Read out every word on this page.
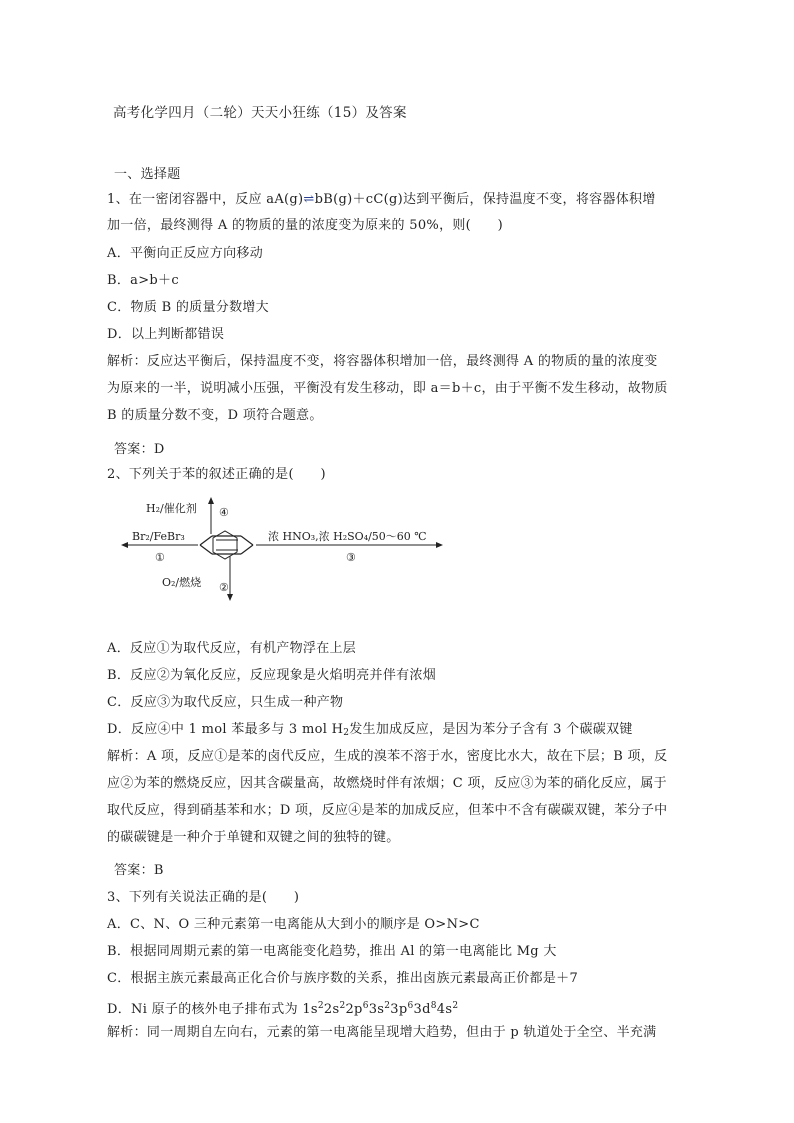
高考化学四月（二轮）天天小狂练（15）及答案
一、选择题
1、在一密闭容器中，反应 aA(g)⇌bB(g)＋cC(g)达到平衡后，保持温度不变，将容器体积增
加一倍，最终测得 A 的物质的量的浓度变为原来的 50%，则(　　)
A．平衡向正反应方向移动
B．a>b＋c
C．物质 B 的质量分数增大
D．以上判断都错误
解析：反应达平衡后，保持温度不变，将容器体积增加一倍，最终测得 A 的物质的量的浓度变
为原来的一半，说明减小压强，平衡没有发生移动，即 a＝b＋c，由于平衡不发生移动，故物质
B 的质量分数不变，D 项符合题意。
答案：D
2、下列关于苯的叙述正确的是(　　)
H₂/催化剂 ④
Br₂/FeBr₃
①
浓 HNO₃,浓 H₂SO₄/50～60 ℃
③
O₂/燃烧 ②
A．反应①为取代反应，有机产物浮在上层
B．反应②为氧化反应，反应现象是火焰明亮并伴有浓烟
C．反应③为取代反应，只生成一种产物
D．反应④中 1 mol 苯最多与 3 mol $H_2$发生加成反应，是因为苯分子含有 3 个碳碳双键
解析：A 项，反应①是苯的卤代反应，生成的溴苯不溶于水，密度比水大，故在下层；B 项，反
应②为苯的燃烧反应，因其含碳量高，故燃烧时伴有浓烟；C 项，反应③为苯的硝化反应，属于
取代反应，得到硝基苯和水；D 项，反应④是苯的加成反应，但苯中不含有碳碳双键，苯分子中
的碳碳键是一种介于单键和双键之间的独特的键。
答案：B
3、下列有关说法正确的是(　　)
A．C、N、O 三种元素第一电离能从大到小的顺序是 O>N>C
B．根据同周期元素的第一电离能变化趋势，推出 Al 的第一电离能比 Mg 大
C．根据主族元素最高正化合价与族序数的关系，推出卤族元素最高正价都是＋7
D．Ni 原子的核外电子排布式为 $1s^22s^22p^63s^23p^63d^84s^2$
解析：同一周期自左向右，元素的第一电离能呈现增大趋势，但由于 p 轨道处于全空、半充满
